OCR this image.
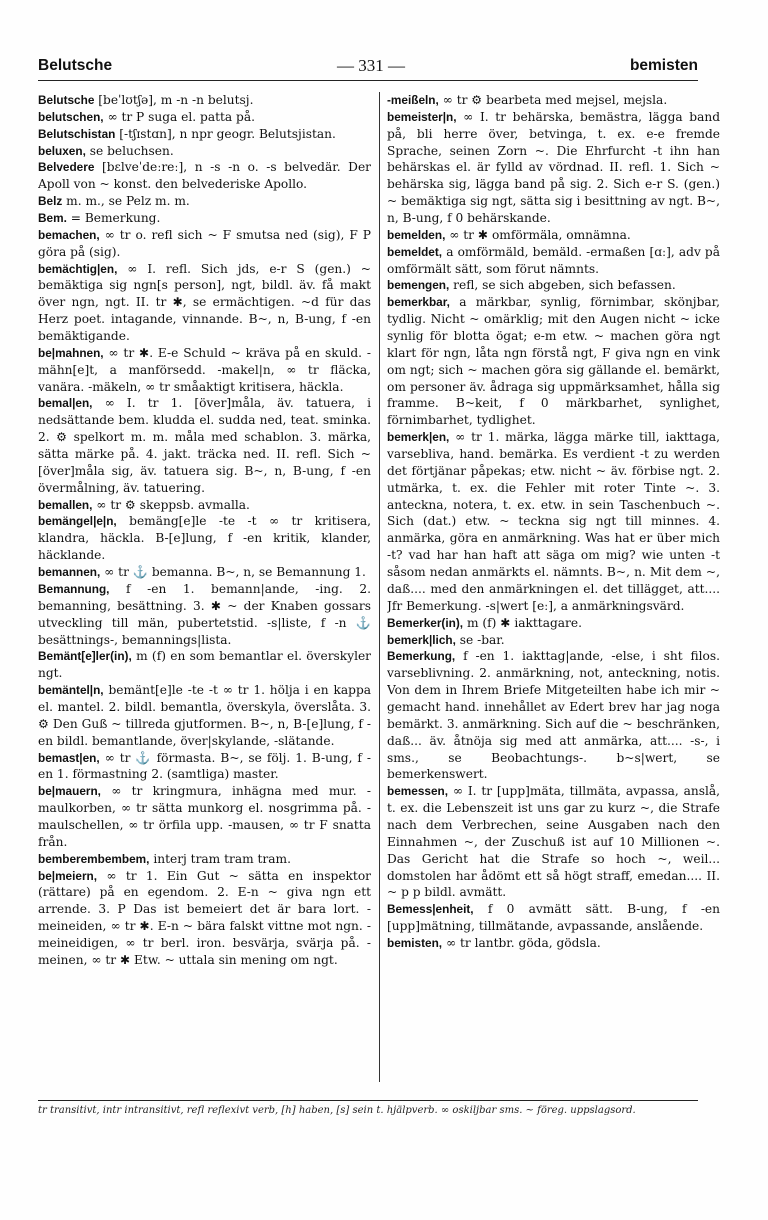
Belutsche	— 331 —	bemisten

Belutsche [beˈlʊtʃə], m -n -n belutsj.

belutschen, ∞ tr P suga el. patta på.

Belutschistan [-tʃɪstɑn], n npr geogr. Belutsjistan.

beluxen, se beluchsen.

Belvedere [bɛlveˈdeːreː], n -s -n o. -s belvedär. Der Apoll von ~ konst. den belvederiske Apollo.

Belz m. m., se Pelz m. m.

Bem. = Bemerkung.

bemachen, ∞ tr o. refl sich ~ F smutsa ned (sig), F P göra på (sig).

bemächtig|en, ∞ I. refl. Sich jds, e-r S (gen.) ~ bemäktiga sig ngn[s person], ngt, bildl. äv. få makt över ngn, ngt. II. tr ✱, se ermächtigen. ~d für das Herz poet. intagande, vinnande. B~, n, B-ung, f -en bemäktigande.

be|mahnen, ∞ tr ✱. E-e Schuld ~ kräva på en skuld. -mähn[e]t, a manförsedd. -makel|n, ∞ tr fläcka, vanära. -mäkeln, ∞ tr småaktigt kritisera, häckla.

bemal|en, ∞ I. tr 1. [över]måla, äv. tatuera, i nedsättande bem. kludda el. sudda ned, teat. sminka. 2. ⚙ spelkort m. m. måla med schablon. 3. märka, sätta märke på. 4. jakt. träcka ned. II. refl. Sich ~ [över]måla sig, äv. tatuera sig. B~, n, B-ung, f -en övermålning, äv. tatuering.

bemallen, ∞ tr ⚙ skeppsb. avmalla.

bemängel|e|n, bemäng[e]le -te -t ∞ tr kritisera, klandra, häckla. B-[e]lung, f -en kritik, klander, häcklande.

bemannen, ∞ tr ⚓ bemanna. B~, n, se Bemannung 1.

Bemannung, f -en 1. bemann|ande, -ing. 2. bemanning, besättning. 3. ✱ ~ der Knaben gossars utveckling till män, pubertetstid. -s|liste, f -n ⚓ besättnings-, bemannings|lista.

Bemänt[e]ler(in), m (f) en som bemantlar el. överskyler ngt.

bemäntel|n, bemänt[e]le -te -t ∞ tr 1. hölja i en kappa el. mantel. 2. bildl. bemantla, överskyla, överslåta. 3. ⚙ Den Guß ~ tillreda gjutformen. B~, n, B-[e]lung, f -en bildl. bemantlande, över|skylande, -slätande.

bemast|en, ∞ tr ⚓ förmasta. B~, se följ. 1. B-ung, f -en 1. förmastning 2. (samtliga) master.

be|mauern, ∞ tr kringmura, inhägna med mur. -maulkorben, ∞ tr sätta munkorg el. nosgrimma på. -maulschellen, ∞ tr örfila upp. -mausen, ∞ tr F snatta från.

bemberembembem, interj tram tram tram.

be|meiern, ∞ tr 1. Ein Gut ~ sätta en inspektor (rättare) på en egendom. 2. E-n ~ giva ngn ett arrende. 3. P Das ist bemeiert det är bara lort. -meineiden, ∞ tr ✱. E-n ~ bära falskt vittne mot ngn. -meineidigen, ∞ tr berl. iron. besvärja, svärja på. -meinen, ∞ tr ✱ Etw. ~ uttala sin mening om ngt.

-meißeln, ∞ tr ⚙ bearbeta med mejsel, mejsla.

bemeister|n, ∞ I. tr behärska, bemästra, lägga band på, bli herre över, betvinga, t. ex. e-e fremde Sprache, seinen Zorn ~. Die Ehrfurcht -t ihn han behärskas el. är fylld av vördnad. II. refl. 1. Sich ~ behärska sig, lägga band på sig. 2. Sich e-r S. (gen.) ~ bemäktiga sig ngt, sätta sig i besittning av ngt. B~, n, B-ung, f 0 behärskande.

bemelden, ∞ tr ✱ omförmäla, omnämna.

bemeldet, a omförmäld, bemäld. -ermaßen [ɑː], adv på omförmält sätt, som förut nämnts.

bemengen, refl, se sich abgeben, sich befassen.

bemerkbar, a märkbar, synlig, förnimbar, skönjbar, tydlig. Nicht ~ omärklig; mit den Augen nicht ~ icke synlig för blotta ögat; e-m etw. ~ machen göra ngt klart för ngn, låta ngn förstå ngt, F giva ngn en vink om ngt; sich ~ machen göra sig gällande el. bemärkt, om personer äv. ådraga sig uppmärksamhet, hålla sig framme. B~keit, f 0 märkbarhet, synlighet, förnimbarhet, tydlighet.

bemerk|en, ∞ tr 1. märka, lägga märke till, iakttaga, varsebliva, hand. bemärka. Es verdient -t zu werden det förtjänar påpekas; etw. nicht ~ äv. förbise ngt. 2. utmärka, t. ex. die Fehler mit roter Tinte ~. 3. anteckna, notera, t. ex. etw. in sein Taschenbuch ~. Sich (dat.) etw. ~ teckna sig ngt till minnes. 4. anmärka, göra en anmärkning. Was hat er über mich -t? vad har han haft att säga om mig? wie unten -t såsom nedan anmärkts el. nämnts. B~, n. Mit dem ~, daß.... med den anmärkningen el. det tillägget, att.... Jfr Bemerkung. -s|wert [eː], a anmärkningsvärd.

Bemerker(in), m (f) ✱ iakttagare.

bemerk|lich, se -bar.

Bemerkung, f -en 1. iakttag|ande, -else, i sht filos. varseblivning. 2. anmärkning, not, anteckning, notis. Von dem in Ihrem Briefe Mitgeteilten habe ich mir ~ gemacht hand. innehållet av Edert brev har jag noga bemärkt. 3. anmärkning. Sich auf die ~ beschränken, daß... äv. åtnöja sig med att anmärka, att.... -s-, i sms., se Beobachtungs-. b~s|wert, se bemerkenswert.

bemessen, ∞ I. tr [upp]mäta, tillmäta, avpassa, anslå, t. ex. die Lebenszeit ist uns gar zu kurz ~, die Strafe nach dem Verbrechen, seine Ausgaben nach den Einnahmen ~, der Zuschuß ist auf 10 Millionen ~. Das Gericht hat die Strafe so hoch ~, weil... domstolen har ådömt ett så högt straff, emedan.... II. ~ p p bildl. avmätt.

Bemess|enheit, f 0 avmätt sätt. B-ung, f -en [upp]mätning, tillmätande, avpassande, anslående.

bemisten, ∞ tr lantbr. göda, gödsla.

tr transitivt, intr intransitivt, refl reflexivt verb, [h] haben, [s] sein t. hjälpverb. ∞ oskiljbar sms. ~ föreg. uppslagsord.
